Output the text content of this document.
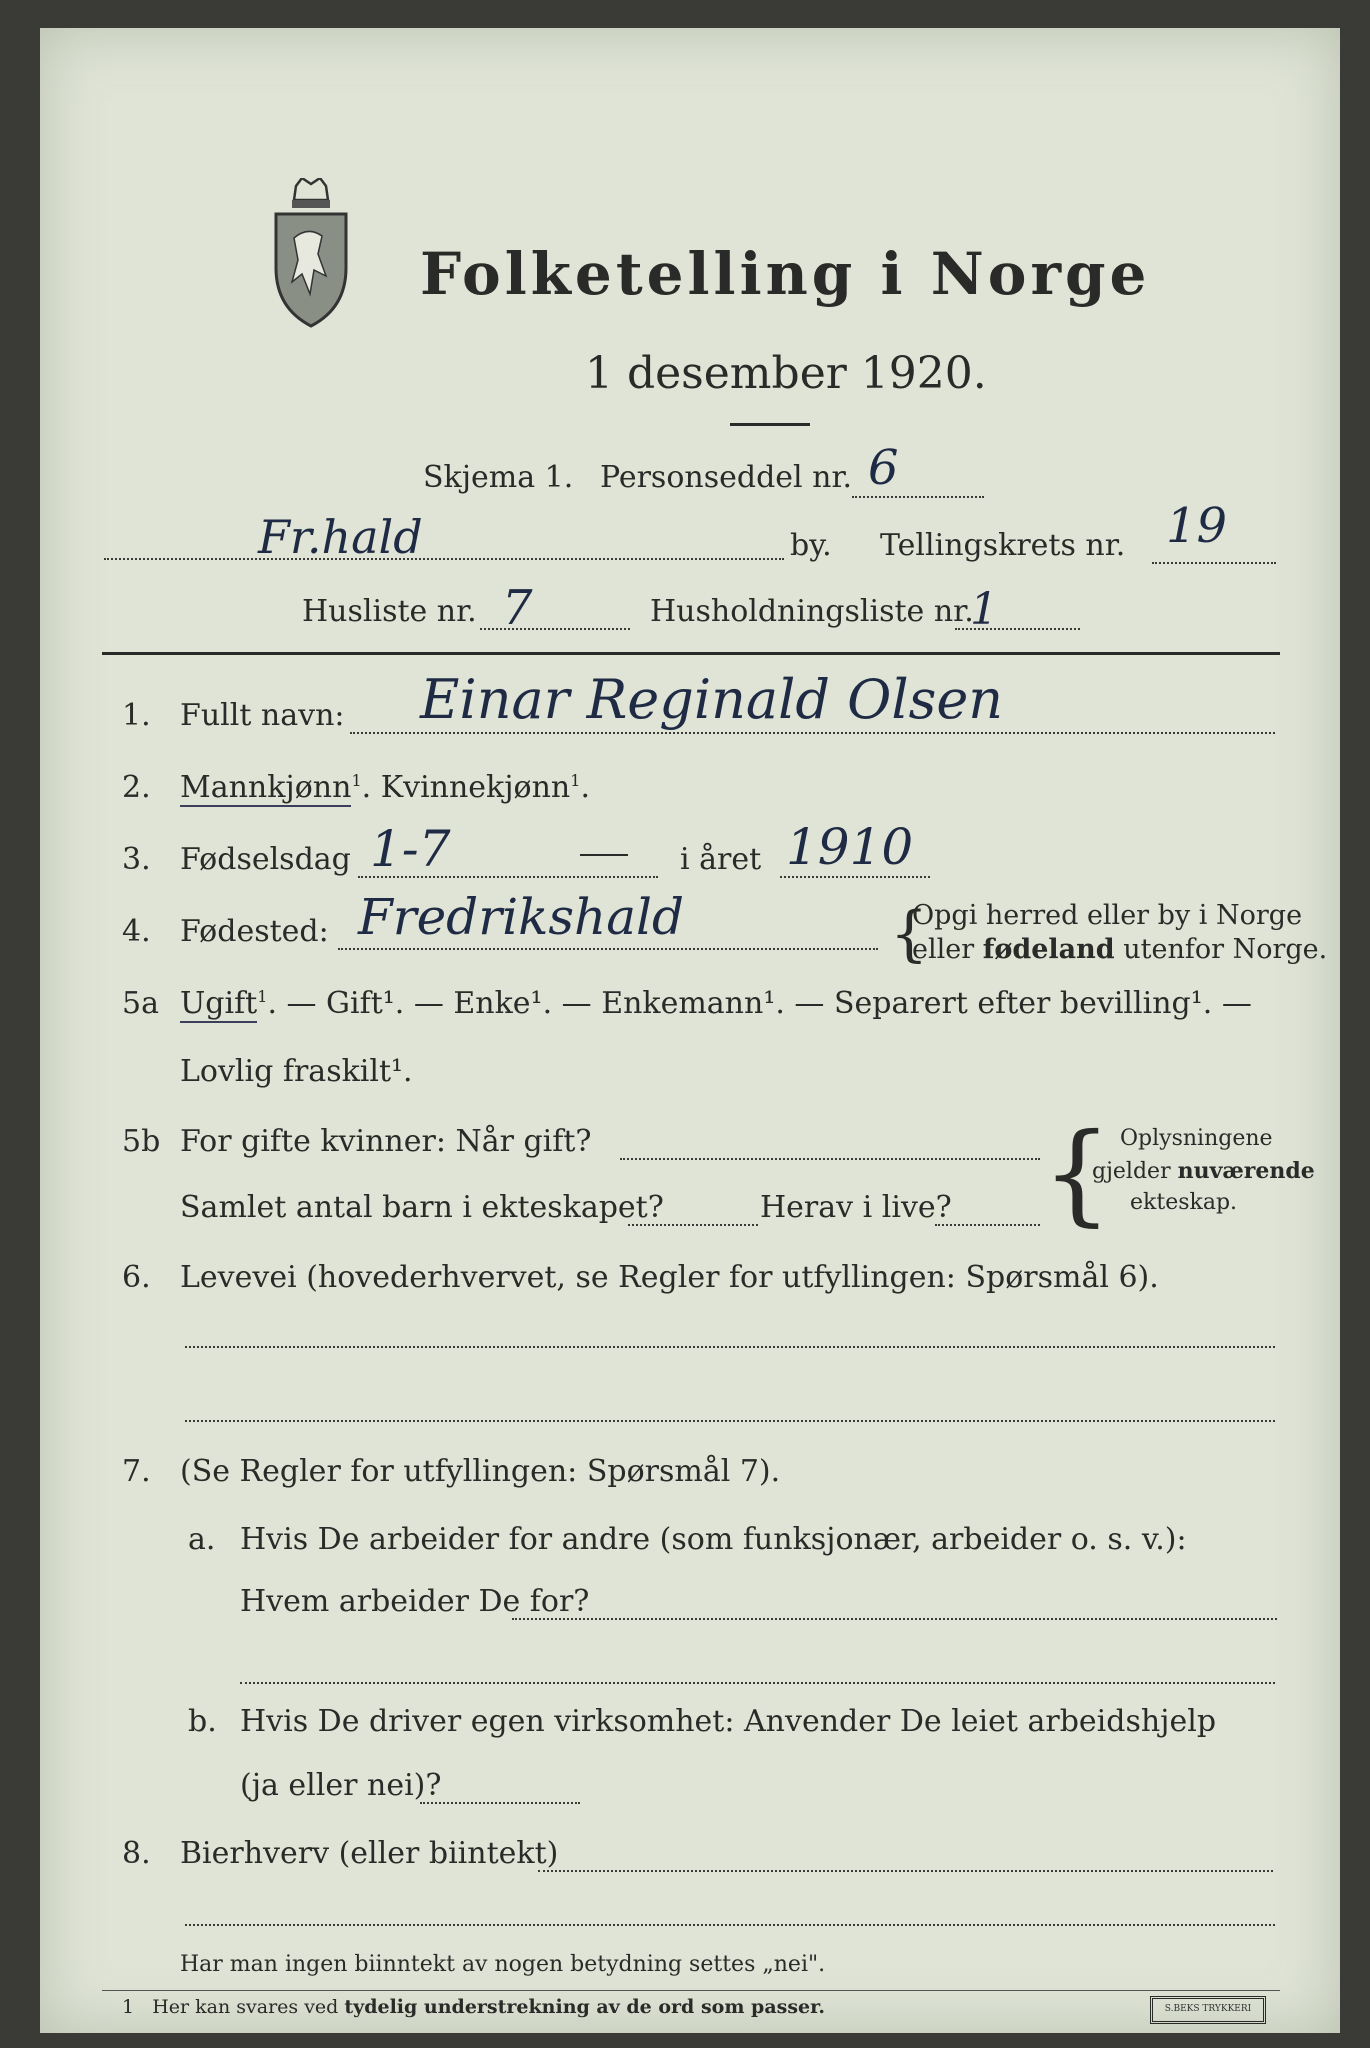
Folketelling i Norge
1 desember 1920.
Skjema 1. Personseddel nr. 6
Fr.hald	by. Tellingskrets nr. 19
Husliste nr. 7	Husholdningsliste nr.
1
1. Fullt navn: Einar Reginald Olsen
2. Mannkjønn$^1$. Kvinnekjønn$^1$.
3. Fødselsdag 1-7	i året 1910
4. Fødested: Fredrikshald	{
Opgi herred eller by i Norge
eller fødeland utenfor Norge.
5a Ugift$^1$. — Gift¹. — Enke¹. — Enkemann¹. — Separert efter bevilling¹. —
Lovlig fraskilt¹.
5b For gifte kvinner: Når gift?
Samlet antal barn i ekteskapet?	Herav i live? { Oplysningene
gjelder nuværende
ekteskap.
6. Levevei (hovederhvervet, se Regler for utfyllingen: Spørsmål 6).
7. (Se Regler for utfyllingen: Spørsmål 7).
a. Hvis De arbeider for andre (som funksjonær, arbeider o. s. v.):
Hvem arbeider De for?
b. Hvis De driver egen virksomhet: Anvender De leiet arbeidshjelp
(ja eller nei)?
8. Bierhverv (eller biintekt)
Har man ingen biinntekt av nogen betydning settes „nei".
1 Her kan svares ved tydelig understrekning av de ord som passer.	S.BEKS TRYKKERI
